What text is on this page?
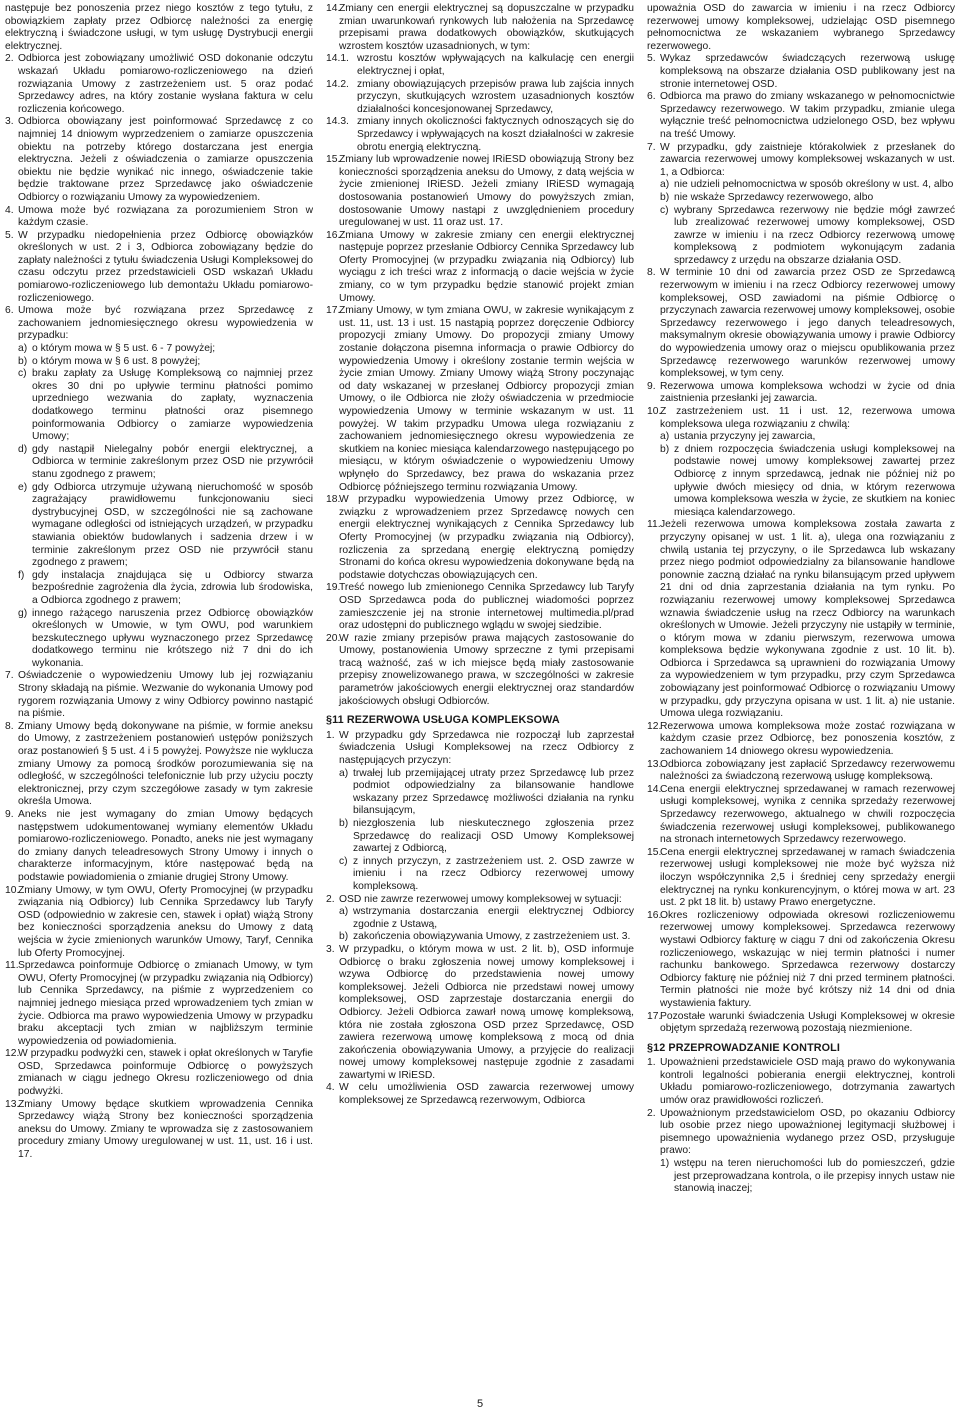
następuje bez ponoszenia przez niego kosztów z tego tytułu, z obowiązkiem zapłaty przez Odbiorcę należności za energię elektryczną i świadczone usługi, w tym usługę Dystrybucji energii elektrycznej.

2. Odbiorca jest zobowiązany umożliwić OSD dokonanie odczytu wskazań Układu pomiarowo-rozliczeniowego na dzień rozwiązania Umowy z zastrzeżeniem ust. 5 oraz podać Sprzedawcy adres, na który zostanie wysłana faktura w celu rozliczenia końcowego.
3. Odbiorca obowiązany jest poinformować Sprzedawcę z co najmniej 14 dniowym wyprzedzeniem o zamiarze opuszczenia obiektu na potrzeby którego dostarczana jest energia elektryczna. Jeżeli z oświadczenia o zamiarze opuszczenia obiektu nie będzie wynikać nic innego, oświadczenie takie będzie traktowane przez Sprzedawcę jako oświadczenie Odbiorcy o rozwiązaniu Umowy za wypowiedzeniem.
4. Umowa może być rozwiązana za porozumieniem Stron w każdym czasie.
5. W przypadku niedopełnienia przez Odbiorcę obowiązków określonych w ust. 2 i 3, Odbiorca zobowiązany będzie do zapłaty należności z tytułu świadczenia Usługi Kompleksowej do czasu odczytu przez przedstawicieli OSD wskazań Układu pomiarowo-rozliczeniowego lub demontażu Układu pomiarowo-rozliczeniowego.
6. Umowa może być rozwiązana przez Sprzedawcę z zachowaniem jednomiesięcznego okresu wypowiedzenia w przypadku:
a) o którym mowa w § 5 ust. 6 - 7 powyżej;
b) o którym mowa w § 6 ust. 8 powyżej;
c) braku zapłaty za Usługę Kompleksową co najmniej przez okres 30 dni po upływie terminu płatności pomimo uprzedniego wezwania do zapłaty, wyznaczenia dodatkowego terminu płatności oraz pisemnego poinformowania Odbiorcy o zamiarze wypowiedzenia Umowy;
d) gdy nastąpił Nielegalny pobór energii elektrycznej, a Odbiorca w terminie zakreślonym przez OSD nie przywrócił stanu zgodnego z prawem;
e) gdy Odbiorca utrzymuje używaną nieruchomość w sposób zagrażający prawidłowemu funkcjonowaniu sieci dystrybucyjnej OSD, w szczególności nie są zachowane wymagane odległości od istniejących urządzeń, w przypadku stawiania obiektów budowlanych i sadzenia drzew i w terminie zakreślonym przez OSD nie przywrócił stanu zgodnego z prawem;
f) gdy instalacja znajdująca się u Odbiorcy stwarza bezpośrednie zagrożenia dla życia, zdrowia lub środowiska, a Odbiorca zgodnego z prawem;
g) innego rażącego naruszenia przez Odbiorcę obowiązków określonych w Umowie, w tym OWU, pod warunkiem bezskutecznego upływu wyznaczonego przez Sprzedawcę dodatkowego terminu nie krótszego niż 7 dni do ich wykonania.
7. Oświadczenie o wypowiedzeniu Umowy lub jej rozwiązaniu Strony składają na piśmie. Wezwanie do wykonania Umowy pod rygorem rozwiązania Umowy z winy Odbiorcy powinno nastąpić na piśmie.
8. Zmiany Umowy będą dokonywane na piśmie, w formie aneksu do Umowy, z zastrzeżeniem postanowień ustępów poniższych oraz postanowień § 5 ust. 4 i 5 powyżej. Powyższe nie wyklucza zmiany Umowy za pomocą środków porozumiewania się na odległość, w szczególności telefonicznie lub przy użyciu poczty elektronicznej, przy czym szczegółowe zasady w tym zakresie określa Umowa.
9. Aneks nie jest wymagany do zmian Umowy będących następstwem udokumentowanej wymiany elementów Układu pomiarowo-rozliczeniowego. Ponadto, aneks nie jest wymagany do zmiany danych teleadresowych Strony Umowy i innych o charakterze informacyjnym, które następować będą na podstawie powiadomienia o zmianie drugiej Strony Umowy.
10.
Zmiany Umowy, w tym OWU, Oferty Promocyjnej (w przypadku związania nią Odbiorcy) lub Cennika Sprzedawcy lub Taryfy OSD (odpowiednio w zakresie cen, stawek i opłat) wiążą Strony bez konieczności sporządzenia aneksu do Umowy z datą wejścia w życie zmienionych warunków Umowy, Taryf, Cennika lub Oferty Promocyjnej.
11. Sprzedawca poinformuje Odbiorcę o zmianach Umowy, w tym OWU, Oferty Promocyjnej (w przypadku związania nią Odbiorcy) lub Cennika Sprzedawcy, na piśmie z wyprzedzeniem co najmniej jednego miesiąca przed wprowadzeniem tych zmian w życie. Odbiorca ma prawo wypowiedzenia Umowy w przypadku braku akceptacji tych zmian w najbliższym terminie wypowiedzenia od powiadomienia.
12.
W przypadku podwyżki cen, stawek i opłat określonych w Taryfie OSD, Sprzedawca poinformuje Odbiorcę o powyższych zmianach w ciągu jednego Okresu rozliczeniowego od dnia podwyżki.
13.
Zmiany Umowy będące skutkiem wprowadzenia Cennika Sprzedawcy wiążą Strony bez konieczności sporządzenia aneksu do Umowy. Zmiany te wprowadza się z zastosowaniem procedury zmiany Umowy uregulowanej w ust. 11, ust. 16 i ust. 17.
14.
Zmiany cen energii elektrycznej są dopuszczalne w przypadku zmian uwarunkowań rynkowych lub nałożenia na Sprzedawcę przepisami prawa dodatkowych obowiązków, skutkujących wzrostem kosztów uzasadnionych, w tym:
14.1. wzrostu kosztów wpływających na kalkulację cen energii elektrycznej i opłat,
14.2. zmiany obowiązujących przepisów prawa lub zajścia innych przyczyn, skutkujących wzrostem uzasadnionych kosztów działalności koncesjonowanej Sprzedawcy,
14.3. zmiany innych okoliczności faktycznych odnoszących się do Sprzedawcy i wpływających na koszt działalności w zakresie obrotu energią elektryczną.
15.
Zmiany lub wprowadzenie nowej IRiESD obowiązują Strony bez konieczności sporządzenia aneksu do Umowy, z datą wejścia w życie zmienionej IRiESD. Jeżeli zmiany IRiESD wymagają dostosowania postanowień Umowy do powyższych zmian, dostosowanie Umowy nastąpi z uwzględnieniem procedury uregulowanej w ust. 11 oraz ust. 17.
16.
Zmiana Umowy w zakresie zmiany cen energii elektrycznej następuje poprzez przesłanie Odbiorcy Cennika Sprzedawcy lub Oferty Promocyjnej (w przypadku związania nią Odbiorcy) lub wyciągu z ich treści wraz z informacją o dacie wejścia w życie zmiany, co w tym przypadku będzie stanowić projekt zmian Umowy.
17.
Zmiany Umowy, w tym zmiana OWU, w zakresie wynikającym z ust. 11, ust. 13 i ust. 15 nastąpią poprzez doręczenie Odbiorcy propozycji zmiany Umowy. Do propozycji zmiany Umowy zostanie dołączona pisemna informacja o prawie Odbiorcy do wypowiedzenia Umowy i określony zostanie termin wejścia w życie zmian Umowy. Zmiany Umowy wiążą Strony poczynając od daty wskazanej w przesłanej Odbiorcy propozycji zmian Umowy, o ile Odbiorca nie złoży oświadczenia w przedmiocie wypowiedzenia Umowy w terminie wskazanym w ust. 11 powyżej. W takim przypadku Umowa ulega rozwiązaniu z zachowaniem jednomiesięcznego okresu wypowiedzenia ze skutkiem na koniec miesiąca kalendarzowego następującego po miesiącu, w którym oświadczenie o wypowiedzeniu Umowy wpłynęło do Sprzedawcy, bez prawa do wskazania przez Odbiorcę późniejszego terminu rozwiązania Umowy.
18.
W przypadku wypowiedzenia Umowy przez Odbiorcę, w związku z wprowadzeniem przez Sprzedawcę nowych cen energii elektrycznej wynikających z Cennika Sprzedawcy lub Oferty Promocyjnej (w przypadku związania nią Odbiorcy), rozliczenia za sprzedaną energię elektryczną pomiędzy Stronami do końca okresu wypowiedzenia dokonywane będą na podstawie dotychczas obowiązujących cen.
19.
Treść nowego lub zmienionego Cennika Sprzedawcy lub Taryfy OSD Sprzedawca poda do publicznej wiadomości poprzez zamieszczenie jej na stronie internetowej multimedia.pl/prad oraz udostępni do publicznego wglądu w swojej siedzibie.
20.
W razie zmiany przepisów prawa mających zastosowanie do Umowy, postanowienia Umowy sprzeczne z tymi przepisami tracą ważność, zaś w ich miejsce będą miały zastosowanie przepisy znowelizowanego prawa, w szczególności w zakresie parametrów jakościowych energii elektrycznej oraz standardów jakościowych obsługi Odbiorców.
§11 REZERWOWA USŁUGA KOMPLEKSOWA
1. W przypadku gdy Sprzedawca nie rozpoczął lub zaprzestał świadczenia Usługi Kompleksowej na rzecz Odbiorcy z następujących przyczyn:
a) trwałej lub przemijającej utraty przez Sprzedawcę lub przez podmiot odpowiedzialny za bilansowanie handlowe wskazany przez Sprzedawcę możliwości działania na rynku bilansującym,
b) niezgłoszenia lub nieskutecznego zgłoszenia przez Sprzedawcę do realizacji OSD Umowy Kompleksowej zawartej z Odbiorcą,
c) z innych przyczyn, z zastrzeżeniem ust. 2. OSD zawrze w imieniu i na rzecz Odbiorcy rezerwowej umowy kompleksową.
2. OSD nie zawrze rezerwowej umowy kompleksowej w sytuacji:
a) wstrzymania dostarczania energii elektrycznej Odbiorcy zgodnie z Ustawą,
b) zakończenia obowiązywania Umowy, z zastrzeżeniem ust. 3.
3. W przypadku, o którym mowa w ust. 2 lit. b), OSD informuje Odbiorcę o braku zgłoszenia nowej umowy kompleksowej i wzywa Odbiorcę do przedstawienia nowej umowy kompleksowej. Jeżeli Odbiorca nie przedstawi nowej umowy kompleksowej, OSD zaprzestaje dostarczania energii do Odbiorcy. Jeżeli Odbiorca zawarł nową umowę kompleksową, która nie została zgłoszona OSD przez Sprzedawcę, OSD zawiera rezerwową umowę kompleksową z mocą od dnia zakończenia obowiązywania Umowy, a przyjęcie do realizacji nowej umowy kompleksowej następuje zgodnie z zasadami zawartymi w IRiESD.
4. W celu umożliwienia OSD zawarcia rezerwowej umowy kompleksowej ze Sprzedawcą rezerwowym, Odbiorca

upoważnia OSD do zawarcia w imieniu i na rzecz Odbiorcy rezerwowej umowy kompleksowej, udzielając OSD pisemnego pełnomocnictwa ze wskazaniem wybranego Sprzedawcy rezerwowego.

5. Wykaz sprzedawców świadczących rezerwową usługę kompleksową na obszarze działania OSD publikowany jest na stronie internetowej OSD.
6. Odbiorca ma prawo do zmiany wskazanego w pełnomocnictwie Sprzedawcy rezerwowego. W takim przypadku, zmianie ulega wyłącznie treść pełnomocnictwa udzielonego OSD, bez wpływu na treść Umowy.
7. W przypadku, gdy zaistnieje którakolwiek z przesłanek do zawarcia rezerwowej umowy kompleksowej wskazanych w ust. 1, a Odbiorca:
a) nie udzieli pełnomocnictwa w sposób określony w ust. 4, albo
b) nie wskaże Sprzedawcy rezerwowego, albo
c) wybrany Sprzedawca rezerwowy nie będzie mógł zawrzeć lub zrealizować rezerwowej umowy kompleksowej, OSD zawrze w imieniu i na rzecz Odbiorcy rezerwową umowę kompleksową z podmiotem wykonującym zadania sprzedawcy z urzędu na obszarze działania OSD.
8. W terminie 10 dni od zawarcia przez OSD ze Sprzedawcą rezerwowym w imieniu i na rzecz Odbiorcy rezerwowej umowy kompleksowej, OSD zawiadomi na piśmie Odbiorcę o przyczynach zawarcia rezerwowej umowy kompleksowej, osobie Sprzedawcy rezerwowego i jego danych teleadresowych, maksymalnym okresie obowiązywania umowy i prawie Odbiorcy do wypowiedzenia umowy oraz o miejscu opublikowania przez Sprzedawcę rezerwowego warunków rezerwowej umowy kompleksowej, w tym ceny.
9. Rezerwowa umowa kompleksowa wchodzi w życie od dnia zaistnienia przesłanki jej zawarcia.
10.
Z zastrzeżeniem ust. 11 i ust. 12, rezerwowa umowa kompleksowa ulega rozwiązaniu z chwilą:
a) ustania przyczyny jej zawarcia,
b) z dniem rozpoczęcia świadczenia usługi kompleksowej na podstawie nowej umowy kompleksowej zawartej przez Odbiorcę z innym sprzedawcą, jednak nie później niż po upływie dwóch miesięcy od dnia, w którym rezerwowa umowa kompleksowa weszła w życie, ze skutkiem na koniec miesiąca kalendarzowego.
11. Jeżeli rezerwowa umowa kompleksowa została zawarta z przyczyny opisanej w ust. 1 lit. a), ulega ona rozwiązaniu z chwilą ustania tej przyczyny, o ile Sprzedawca lub wskazany przez niego podmiot odpowiedzialny za bilansowanie handlowe ponownie zaczną działać na rynku bilansującym przed upływem 21 dni od dnia zaprzestania działania na tym rynku. Po rozwiązaniu rezerwowej umowy kompleksowej Sprzedawca wznawia świadczenie usług na rzecz Odbiorcy na warunkach określonych w Umowie. Jeżeli przyczyny nie ustąpiły w terminie, o którym mowa w zdaniu pierwszym, rezerwowa umowa kompleksowa będzie wykonywana zgodnie z ust. 10 lit. b). Odbiorca i Sprzedawca są uprawnieni do rozwiązania Umowy za wypowiedzeniem w tym przypadku, przy czym Sprzedawca zobowiązany jest poinformować Odbiorcę o rozwiązaniu Umowy w przypadku, gdy przyczyna opisana w ust. 1 lit. a) nie ustanie. Umowa ulega rozwiązaniu.
12.
Rezerwowa umowa kompleksowa może zostać rozwiązana w każdym czasie przez Odbiorcę, bez ponoszenia kosztów, z zachowaniem 14 dniowego okresu wypowiedzenia.
13.
Odbiorca zobowiązany jest zapłacić Sprzedawcy rezerwowemu należności za świadczoną rezerwową usługę kompleksową.
14.
Cena energii elektrycznej sprzedawanej w ramach rezerwowej usługi kompleksowej, wynika z cennika sprzedaży rezerwowej Sprzedawcy rezerwowego, aktualnego w chwili rozpoczęcia świadczenia rezerwowej usługi kompleksowej, publikowanego na stronach internetowych Sprzedawcy rezerwowego.
15.
Cena energii elektrycznej sprzedawanej w ramach świadczenia rezerwowej usługi kompleksowej nie może być wyższa niż iloczyn współczynnika 2,5 i średniej ceny sprzedaży energii elektrycznej na rynku konkurencyjnym, o której mowa w art. 23 ust. 2 pkt 18 lit. b) ustawy Prawo energetyczne.
16.
Okres rozliczeniowy odpowiada okresowi rozliczeniowemu rezerwowej umowy kompleksowej. Sprzedawca rezerwowy wystawi Odbiorcy fakturę w ciągu 7 dni od zakończenia Okresu rozliczeniowego, wskazując w niej termin płatności i numer rachunku bankowego. Sprzedawca rezerwowy dostarczy Odbiorcy fakturę nie później niż 7 dni przed terminem płatności. Termin płatności nie może być krótszy niż 14 dni od dnia wystawienia faktury.
17.
Pozostałe warunki świadczenia Usługi Kompleksowej w okresie objętym sprzedażą rezerwową pozostają niezmienione.
§12 PRZEPROWADZANIE KONTROLI
1. Upoważnieni przedstawiciele OSD mają prawo do wykonywania kontroli legalności pobierania energii elektrycznej, kontroli Układu pomiarowo-rozliczeniowego, dotrzymania zawartych umów oraz prawidłowości rozliczeń.
2. Upoważnionym przedstawicielom OSD, po okazaniu Odbiorcy lub osobie przez niego upoważnionej legitymacji służbowej i pisemnego upoważnienia wydanego przez OSD, przysługuje prawo:
1) wstępu na teren nieruchomości lub do pomieszczeń, gdzie jest przeprowadzana kontrola, o ile przepisy innych ustaw nie stanowią inaczej;
5
